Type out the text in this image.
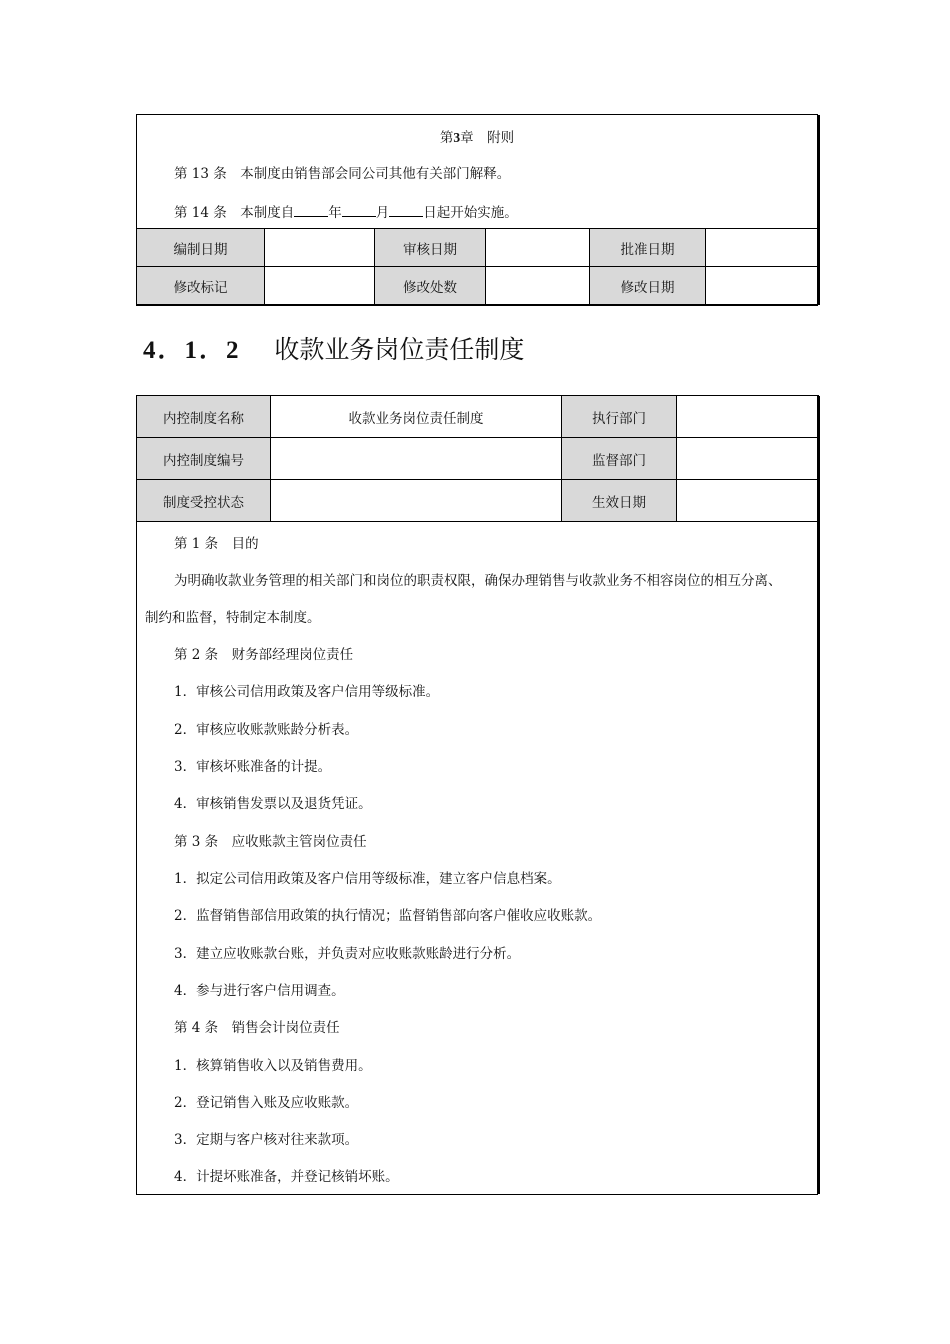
第3章　附则
第 13 条　本制度由销售部会同公司其他有关部门解释。
第 14 条　本制度自	年	月	日起开始实施。
编制日期		审核日期		批准日期	
修改标记		修改处数		修改日期	
4．1．2 收款业务岗位责任制度
内控制度名称	收款业务岗位责任制度	执行部门	
内控制度编号		监督部门	
制度受控状态		生效日期	
第 1 条　目的
为明确收款业务管理的相关部门和岗位的职责权限，确保办理销售与收款业务不相容岗位的相互分离、
制约和监督，特制定本制度。
第 2 条　财务部经理岗位责任
1．审核公司信用政策及客户信用等级标准。
2．审核应收账款账龄分析表。
3．审核坏账准备的计提。
4．审核销售发票以及退货凭证。
第 3 条　应收账款主管岗位责任
1．拟定公司信用政策及客户信用等级标准，建立客户信息档案。
2．监督销售部信用政策的执行情况；监督销售部向客户催收应收账款。
3．建立应收账款台账，并负责对应收账款账龄进行分析。
4．参与进行客户信用调查。
第 4 条　销售会计岗位责任
1．核算销售收入以及销售费用。
2．登记销售入账及应收账款。
3．定期与客户核对往来款项。
4．计提坏账准备，并登记核销坏账。
